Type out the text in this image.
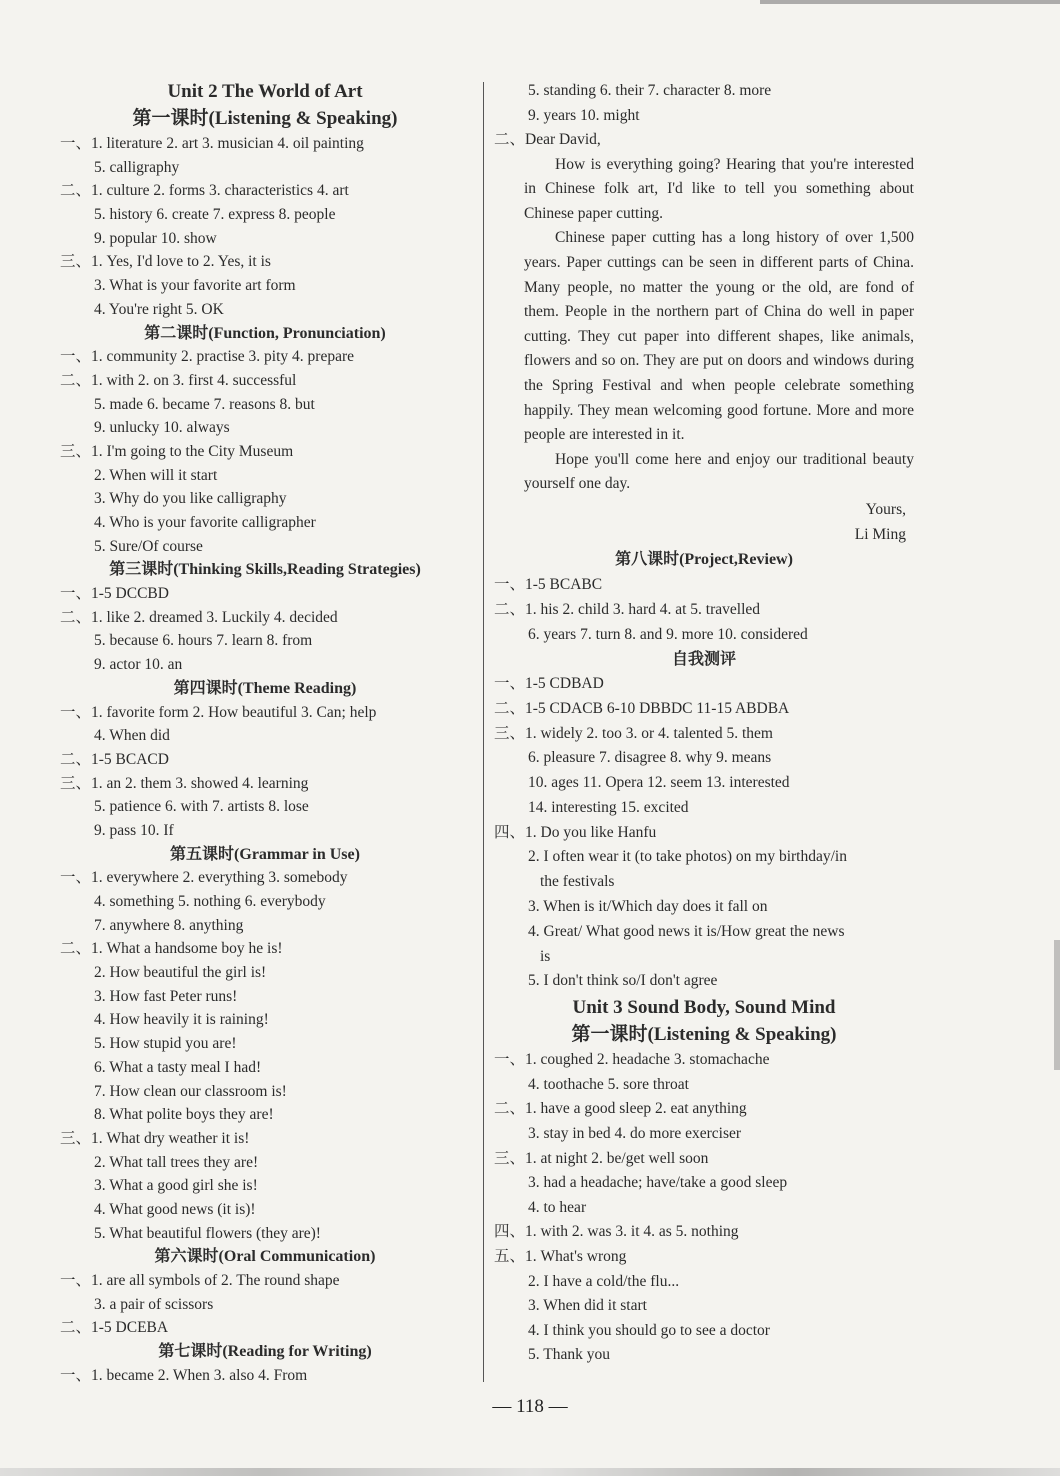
Unit 2 The World of Art
第一课时(Listening & Speaking)
一、1. literature 2. art 3. musician 4. oil painting
5. calligraphy
二、1. culture 2. forms 3. characteristics 4. art
5. history 6. create 7. express 8. people
9. popular 10. show
三、1. Yes, I'd love to 2. Yes, it is
3. What is your favorite art form
4. You're right 5. OK
第二课时(Function, Pronunciation)
一、1. community 2. practise 3. pity 4. prepare
二、1. with 2. on 3. first 4. successful
5. made 6. became 7. reasons 8. but
9. unlucky 10. always
三、1. I'm going to the City Museum
2. When will it start
3. Why do you like calligraphy
4. Who is your favorite calligrapher
5. Sure/Of course
第三课时(Thinking Skills,Reading Strategies)
一、1-5 DCCBD
二、1. like 2. dreamed 3. Luckily 4. decided
5. because 6. hours 7. learn 8. from
9. actor 10. an
第四课时(Theme Reading)
一、1. favorite form 2. How beautiful 3. Can; help
4. When did
二、1-5 BCACD
三、1. an 2. them 3. showed 4. learning
5. patience 6. with 7. artists 8. lose
9. pass 10. If
第五课时(Grammar in Use)
一、1. everywhere 2. everything 3. somebody
4. something 5. nothing 6. everybody
7. anywhere 8. anything
二、1. What a handsome boy he is!
2. How beautiful the girl is!
3. How fast Peter runs!
4. How heavily it is raining!
5. How stupid you are!
6. What a tasty meal I had!
7. How clean our classroom is!
8. What polite boys they are!
三、1. What dry weather it is!
2. What tall trees they are!
3. What a good girl she is!
4. What good news (it is)!
5. What beautiful flowers (they are)!
第六课时(Oral Communication)
一、1. are all symbols of 2. The round shape
3. a pair of scissors
二、1-5 DCEBA
第七课时(Reading for Writing)
一、1. became 2. When 3. also 4. From
5. standing 6. their 7. character 8. more
9. years 10. might

二、Dear David,

How is everything going? Hearing that you're interested in Chinese folk art, I'd like to tell you something about Chinese paper cutting.

Chinese paper cutting has a long history of over 1,500 years. Paper cuttings can be seen in different parts of China. Many people, no matter the young or the old, are fond of them. People in the northern part of China do well in paper cutting. They cut paper into different shapes, like animals, flowers and so on. They are put on doors and windows during the Spring Festival and when people celebrate something happily. They mean welcoming good fortune. More and more people are interested in it.

Hope you'll come here and enjoy our traditional beauty yourself one day.

Yours,
Li Ming
第八课时(Project,Review)
一、1-5 BCABC
二、1. his 2. child 3. hard 4. at 5. travelled
6. years 7. turn 8. and 9. more 10. considered
自我测评
一、1-5 CDBAD
二、1-5 CDACB 6-10 DBBDC 11-15 ABDBA
三、1. widely 2. too 3. or 4. talented 5. them
6. pleasure 7. disagree 8. why 9. means
10. ages 11. Opera 12. seem 13. interested
14. interesting 15. excited
四、1. Do you like Hanfu
2. I often wear it (to take photos) on my birthday/in
the festivals
3. When is it/Which day does it fall on
4. Great/ What good news it is/How great the news
is
5. I don't think so/I don't agree
Unit 3 Sound Body, Sound Mind
第一课时(Listening & Speaking)
一、1. coughed 2. headache 3. stomachache
4. toothache 5. sore throat
二、1. have a good sleep 2. eat anything
3. stay in bed 4. do more exerciser
三、1. at night 2. be/get well soon
3. had a headache; have/take a good sleep
4. to hear
四、1. with 2. was 3. it 4. as 5. nothing
五、1. What's wrong
2. I have a cold/the flu...
3. When did it start
4. I think you should go to see a doctor
5. Thank you
— 118 —
